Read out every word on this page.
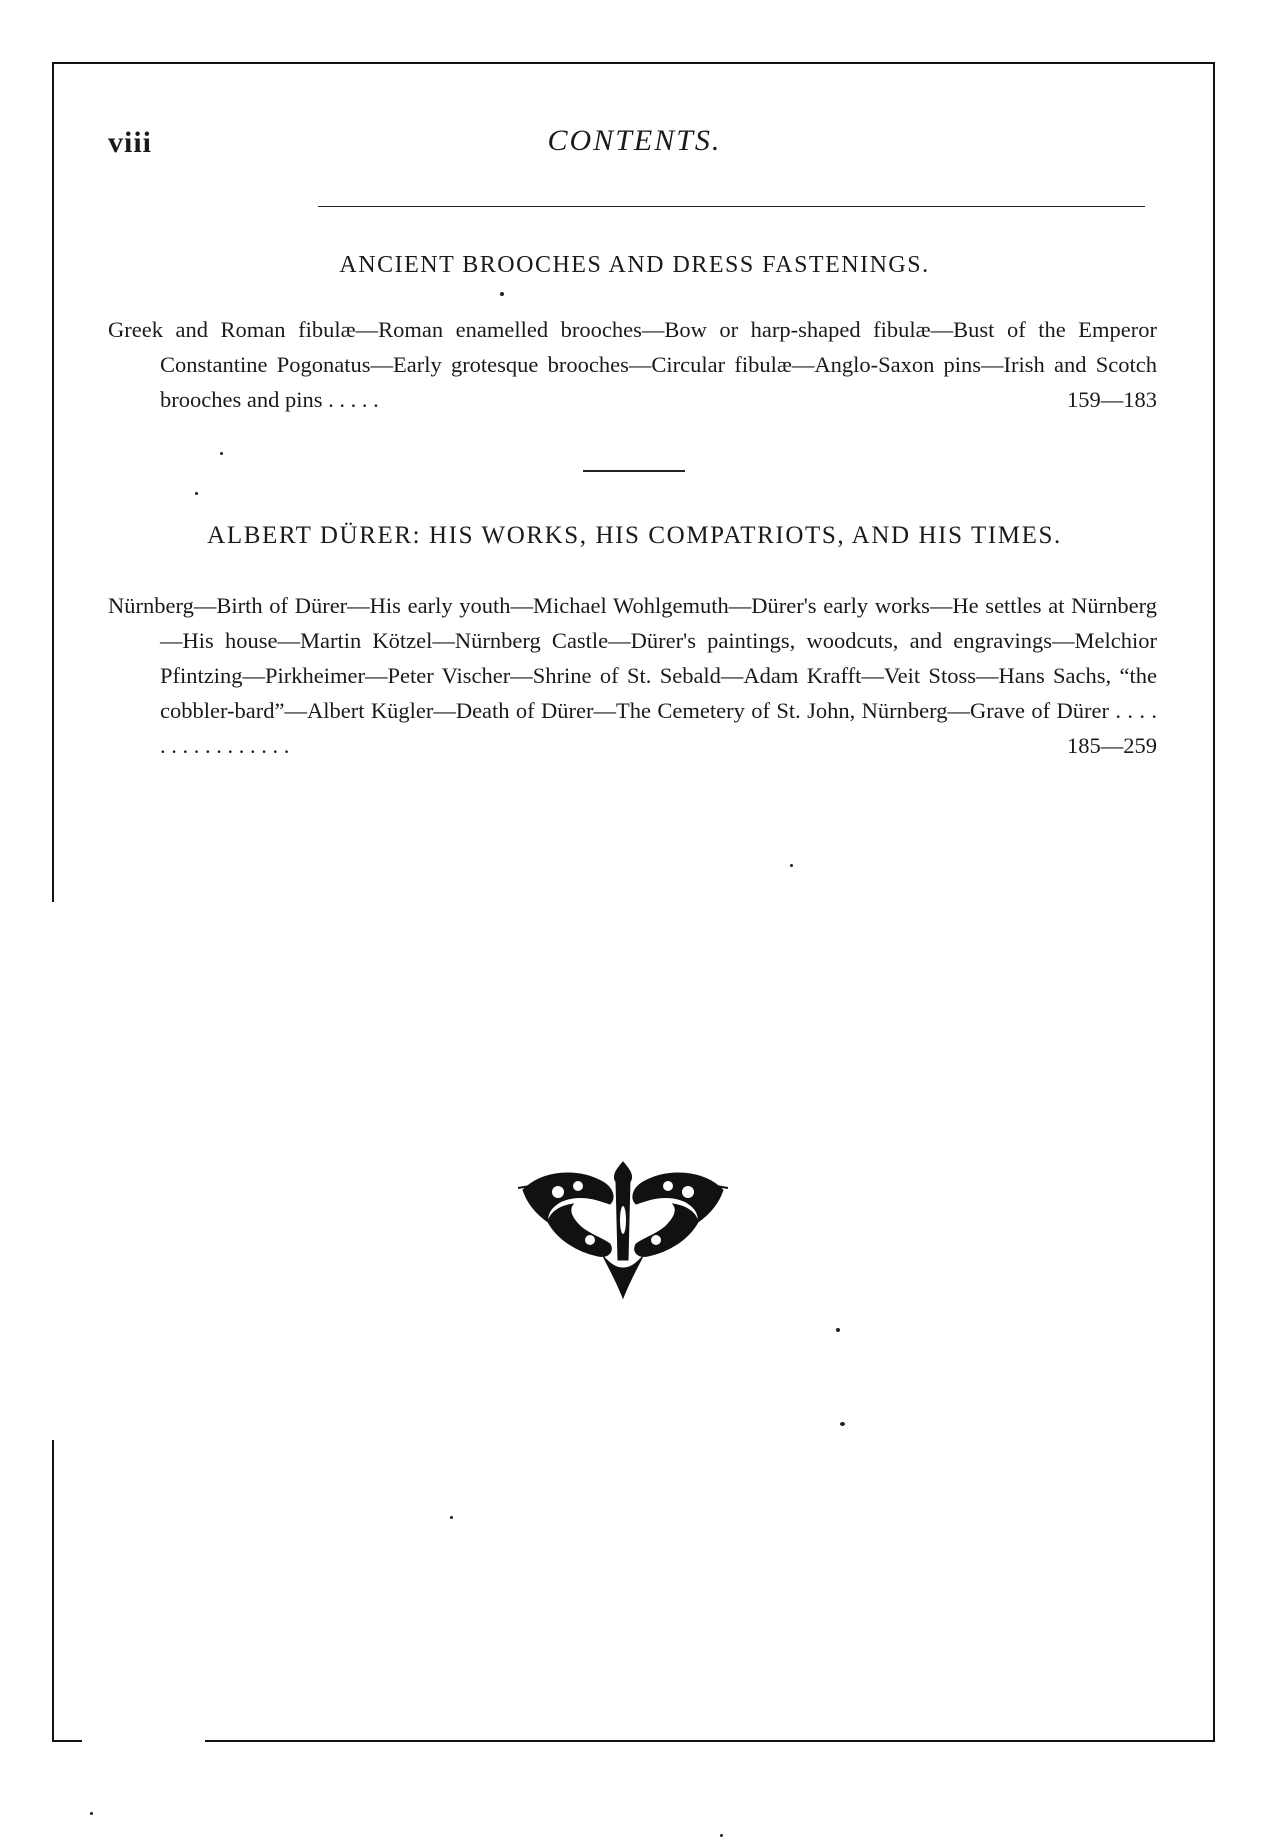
viii	CONTENTS.
ANCIENT BROOCHES AND DRESS FASTENINGS.
Greek and Roman fibulæ—Roman enamelled brooches—Bow or harp-shaped fibulæ—Bust of the Emperor Constantine Pogonatus—Early grotesque brooches—Circular fibulæ—Anglo-Saxon pins—Irish and Scotch brooches and pins . . . . .	159—183
ALBERT DÜRER: HIS WORKS, HIS COMPATRIOTS, AND HIS TIMES.
Nürnberg—Birth of Dürer—His early youth—Michael Wohlgemuth—Dürer's early works—He settles at Nürnberg—His house—Martin Kötzel—Nürnberg Castle—Dürer's paintings, woodcuts, and engravings—Melchior Pfintzing—Pirkheimer—Peter Vischer—Shrine of St. Sebald—Adam Krafft—Veit Stoss—Hans Sachs, “the cobbler-bard”—Albert Kügler—Death of Dürer—The Cemetery of St. John, Nürnberg—Grave of Dürer . . . . . . . . . . . . . . . .	185—259
